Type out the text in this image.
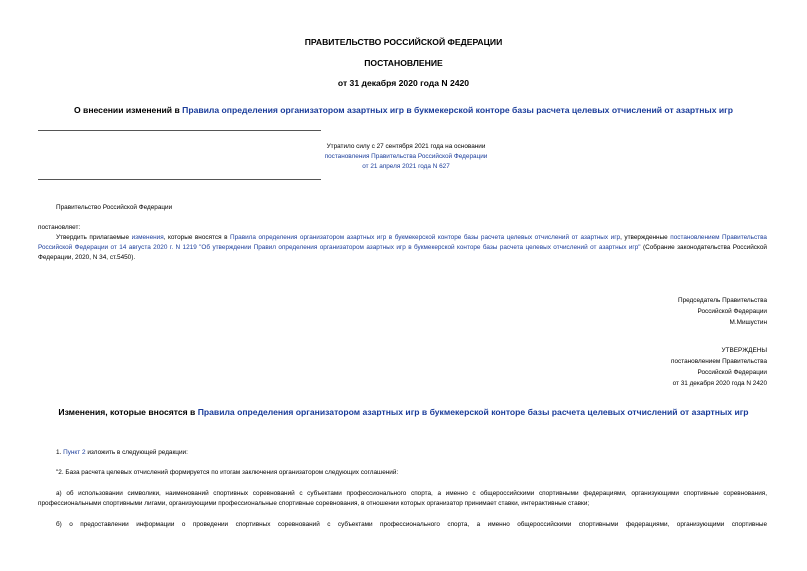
ПРАВИТЕЛЬСТВО РОССИЙСКОЙ ФЕДЕРАЦИИ
ПОСТАНОВЛЕНИЕ
от 31 декабря 2020 года N 2420
О внесении изменений в Правила определения организатором азартных игр в букмекерской конторе базы расчета целевых отчислений от азартных игр
Утратило силу с 27 сентября 2021 года на основании
постановления Правительства Российской Федерации
от 21 апреля 2021 года N 627
Правительство Российской Федерации
постановляет:
Утвердить прилагаемые изменения, которые вносятся в Правила определения организатором азартных игр в букмекерской конторе базы расчета целевых отчислений от азартных игр, утвержденные постановлением Правительства Российской Федерации от 14 августа 2020 г. N 1219 "Об утверждении Правил определения организатором азартных игр в букмекерской конторе базы расчета целевых отчислений от азартных игр" (Собрание законодательства Российской Федерации, 2020, N 34, ст.5450).
Председатель Правительства
Российской Федерации
М.Мишустин
УТВЕРЖДЕНЫ
постановлением Правительства
Российской Федерации
от 31 декабря 2020 года N 2420
Изменения, которые вносятся в Правила определения организатором азартных игр в букмекерской конторе базы расчета целевых отчислений от азартных игр
1. Пункт 2 изложить в следующей редакции:
"2. База расчета целевых отчислений формируется по итогам заключения организатором следующих соглашений:
а) об использовании символики, наименований спортивных соревнований с субъектами профессионального спорта, а именно с общероссийскими спортивными федерациями, организующими спортивные соревнования, профессиональными спортивными лигами, организующими профессиональные спортивные соревнования, в отношении которых организатор принимает ставки, интерактивные ставки;
б) о предоставлении информации о проведении спортивных соревнований с субъектами профессионального спорта, а именно общероссийскими спортивными федерациями, организующими спортивные
